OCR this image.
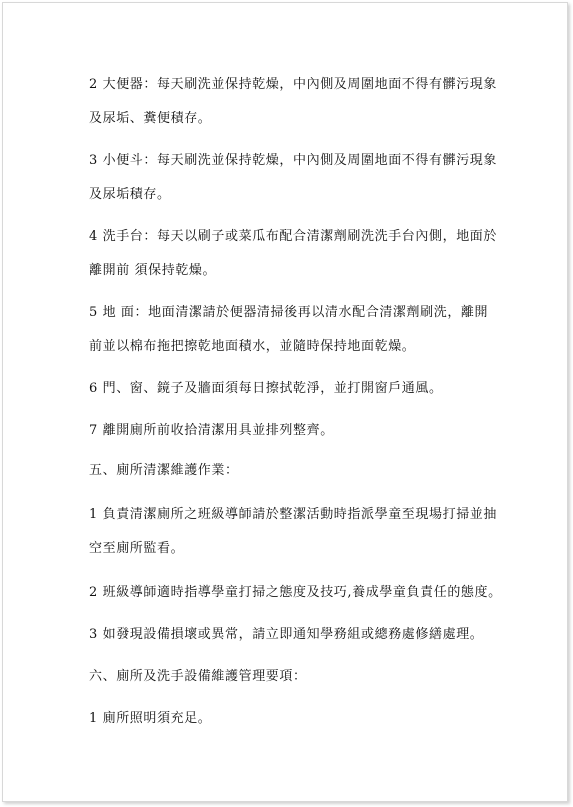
2 大便器：每天刷洗並保持乾燥，中內側及周圍地面不得有髒污現象
及尿垢、糞便積存。

3 小便斗：每天刷洗並保持乾燥，中內側及周圍地面不得有髒污現象
及尿垢積存。

4 洗手台：每天以刷子或菜瓜布配合清潔劑刷洗洗手台內側，地面於
離開前 須保持乾燥。

5 地 面：地面清潔請於便器清掃後再以清水配合清潔劑刷洗，離開
前並以棉布拖把擦乾地面積水，並隨時保持地面乾燥。

6 門、窗、鏡子及牆面須每日擦拭乾淨，並打開窗戶通風。

7 離開廁所前收拾清潔用具並排列整齊。

五、廁所清潔維護作業：

1 負責清潔廁所之班級導師請於整潔活動時指派學童至現場打掃並抽
空至廁所監看。

2 班級導師適時指導學童打掃之態度及技巧,養成學童負責任的態度。

3 如發現設備損壞或異常，請立即通知學務組或總務處修繕處理。

六、廁所及洗手設備維護管理要項：

1 廁所照明須充足。
